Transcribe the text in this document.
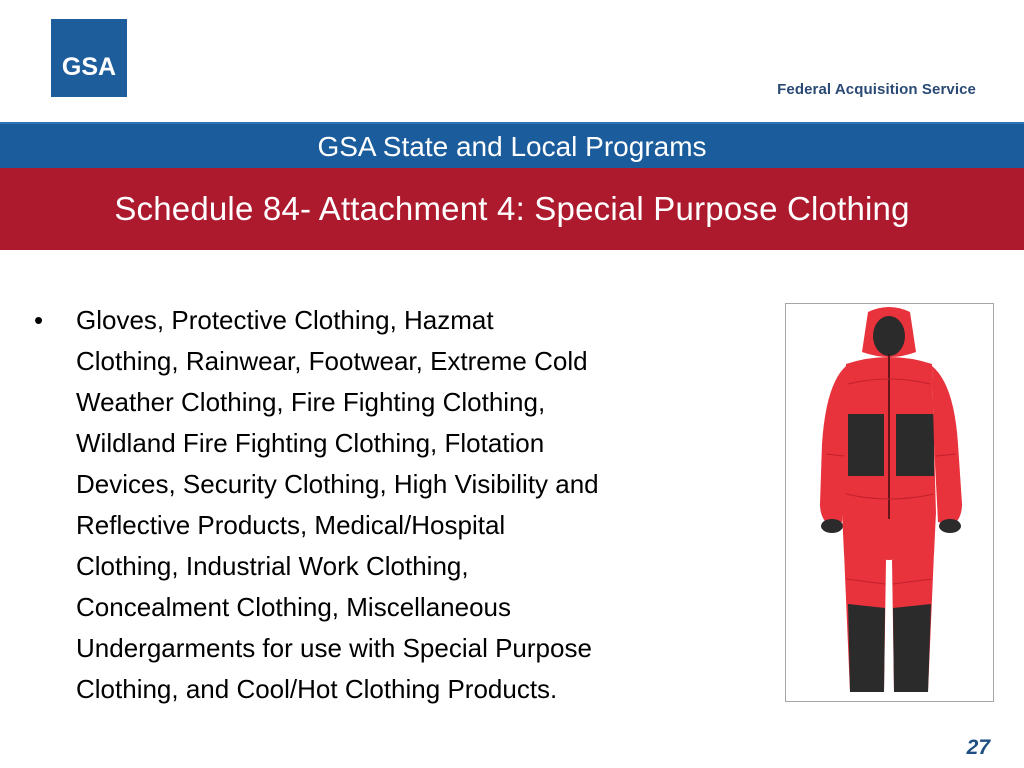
GSA
Federal Acquisition Service
GSA State and Local Programs
Schedule 84- Attachment 4: Special Purpose Clothing
• Gloves, Protective Clothing, Hazmat
Clothing, Rainwear, Footwear, Extreme Cold
Weather Clothing, Fire Fighting Clothing,
Wildland Fire Fighting Clothing, Flotation
Devices, Security Clothing, High Visibility and
Reflective Products, Medical/Hospital
Clothing, Industrial Work Clothing,
Concealment Clothing, Miscellaneous
Undergarments for use with Special Purpose
Clothing, and Cool/Hot Clothing Products.
27
